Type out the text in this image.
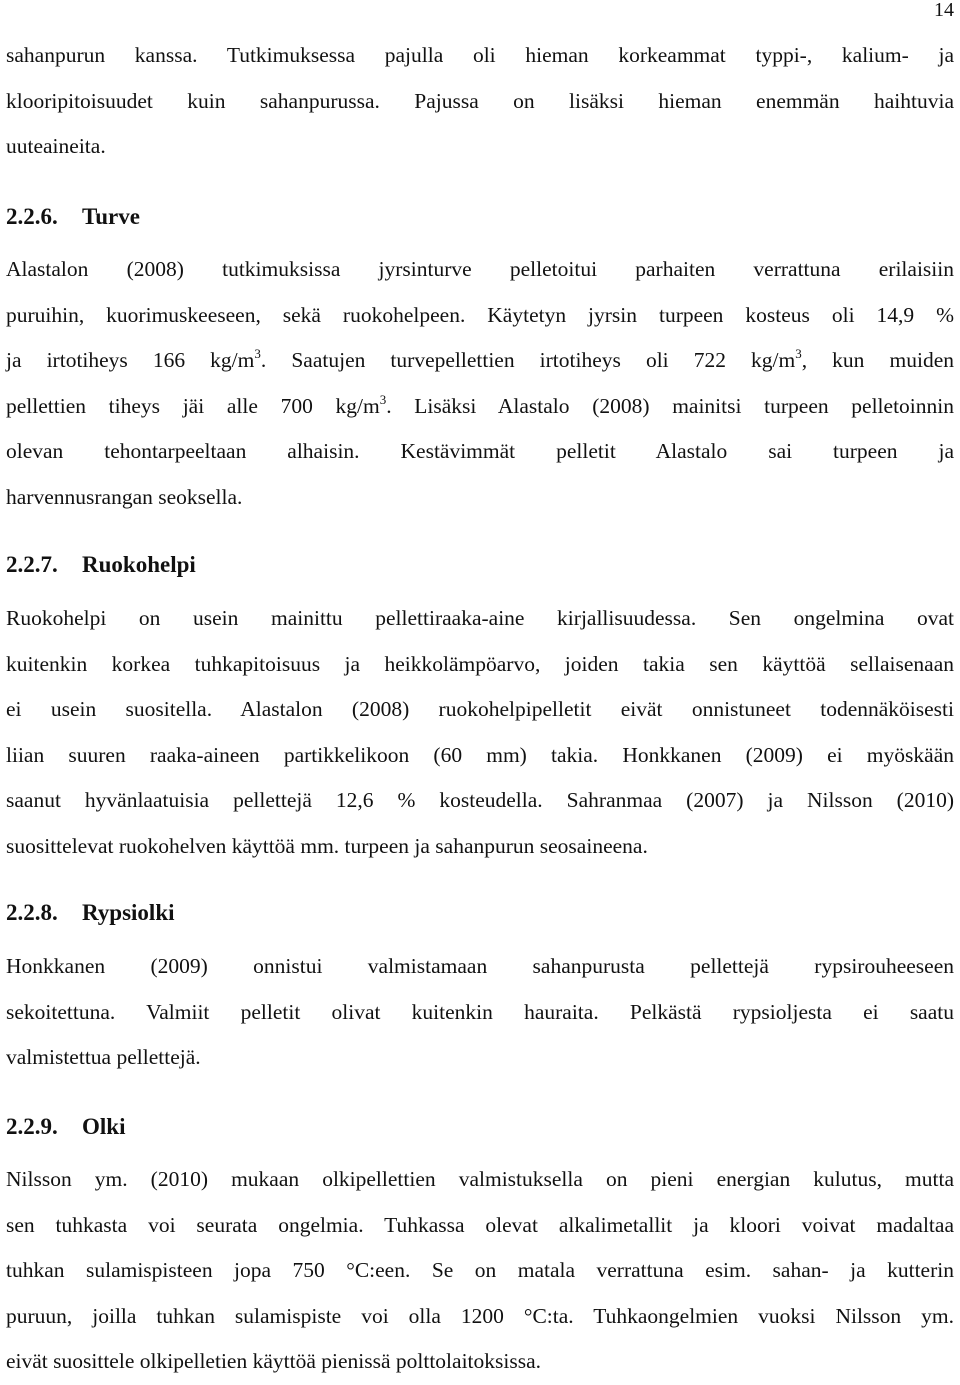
14
sahanpurun kanssa. Tutkimuksessa pajulla oli hieman korkeammat typpi-, kalium- ja
klooripitoisuudet kuin sahanpurussa. Pajussa on lisäksi hieman enemmän haihtuvia
uuteaineita.
2.2.6. Turve
Alastalon (2008) tutkimuksissa jyrsinturve pelletoitui parhaiten verrattuna erilaisiin
puruihin, kuorimuskeeseen, sekä ruokohelpeen. Käytetyn jyrsin turpeen kosteus oli 14,9 %
ja irtotiheys 166 $kg/m^3$. Saatujen turvepellettien irtotiheys oli 722 $kg/m^3$, kun muiden
pellettien tiheys jäi alle 700 $kg/m^3$. Lisäksi Alastalo (2008) mainitsi turpeen pelletoinnin
olevan tehontarpeeltaan alhaisin. Kestävimmät pelletit Alastalo sai turpeen ja
harvennusrangan seoksella.
2.2.7. Ruokohelpi
Ruokohelpi on usein mainittu pellettiraaka-aine kirjallisuudessa. Sen ongelmina ovat
kuitenkin korkea tuhkapitoisuus ja heikkolämpöarvo, joiden takia sen käyttöä sellaisenaan
ei usein suositella. Alastalon (2008) ruokohelpipelletit eivät onnistuneet todennäköisesti
liian suuren raaka-aineen partikkelikoon (60 mm) takia. Honkkanen (2009) ei myöskään
saanut hyvänlaatuisia pellettejä 12,6 % kosteudella. Sahranmaa (2007) ja Nilsson (2010)
suosittelevat ruokohelven käyttöä mm. turpeen ja sahanpurun seosaineena.
2.2.8. Rypsiolki
Honkkanen (2009) onnistui valmistamaan sahanpurusta pellettejä rypsirouheeseen
sekoitettuna. Valmiit pelletit olivat kuitenkin hauraita. Pelkästä rypsioljesta ei saatu
valmistettua pellettejä.
2.2.9. Olki
Nilsson ym. (2010) mukaan olkipellettien valmistuksella on pieni energian kulutus, mutta
sen tuhkasta voi seurata ongelmia. Tuhkassa olevat alkalimetallit ja kloori voivat madaltaa
tuhkan sulamispisteen jopa 750 °C:een. Se on matala verrattuna esim. sahan- ja kutterin
puruun, joilla tuhkan sulamispiste voi olla 1200 °C:ta. Tuhkaongelmien vuoksi Nilsson ym.
eivät suosittele olkipelletien käyttöä pienissä polttolaitoksissa.
